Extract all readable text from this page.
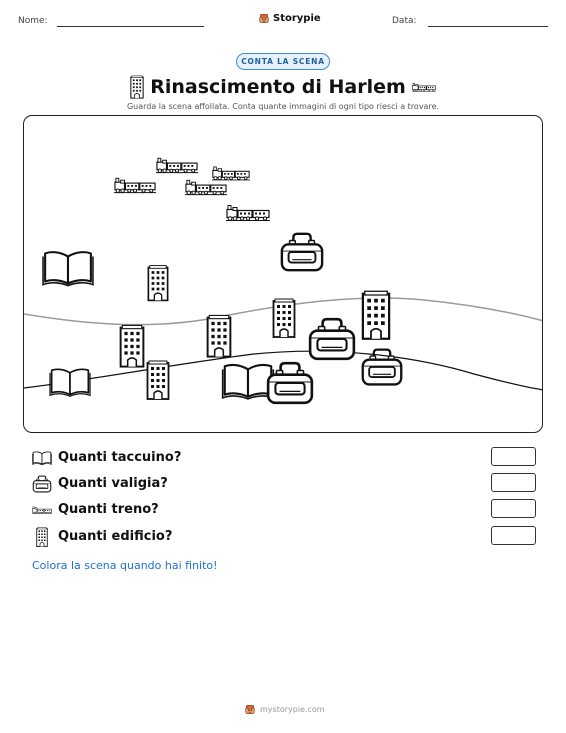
Nome:	Storypie	Data:
CONTA LA SCENA
Rinascimento di Harlem
Guarda la scena affollata. Conta quante immagini di ogni tipo riesci a trovare.
Quanti taccuino?
Quanti valigia?
Quanti treno?
Quanti edificio?
Colora la scena quando hai finito!
mystorypie.com
